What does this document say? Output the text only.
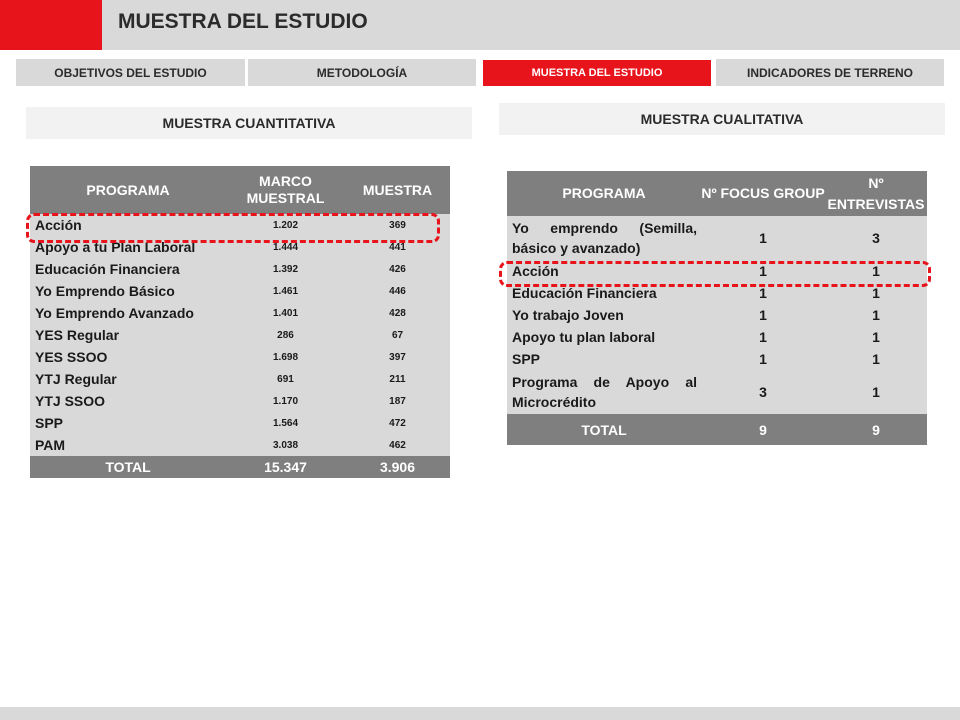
MUESTRA DEL ESTUDIO
OBJETIVOS DEL ESTUDIO	METODOLOGÍA	MUESTRA DEL ESTUDIO	INDICADORES DE TERRENO
MUESTRA CUANTITATIVA	MUESTRA CUALITATIVA
PROGRAMA	MARCO MUESTRAL	MUESTRA
Acción	1.202	369
Apoyo a tu Plan Laboral	1.444	441
Educación Financiera	1.392	426
Yo Emprendo Básico	1.461	446
Yo Emprendo Avanzado	1.401	428
YES Regular	286	67
YES SSOO	1.698	397
YTJ Regular	691	211
YTJ SSOO	1.170	187
SPP	1.564	472
PAM	3.038	462
TOTAL	15.347	3.906
PROGRAMA	Nº FOCUS GROUP	Nº ENTREVISTAS
Yo emprendo (Semilla, básico y avanzado)	1	3
Acción	1	1
Educación Financiera	1	1
Yo trabajo Joven	1	1
Apoyo tu plan laboral	1	1
SPP	1	1
Programa de Apoyo al Microcrédito	3	1
TOTAL	9	9
